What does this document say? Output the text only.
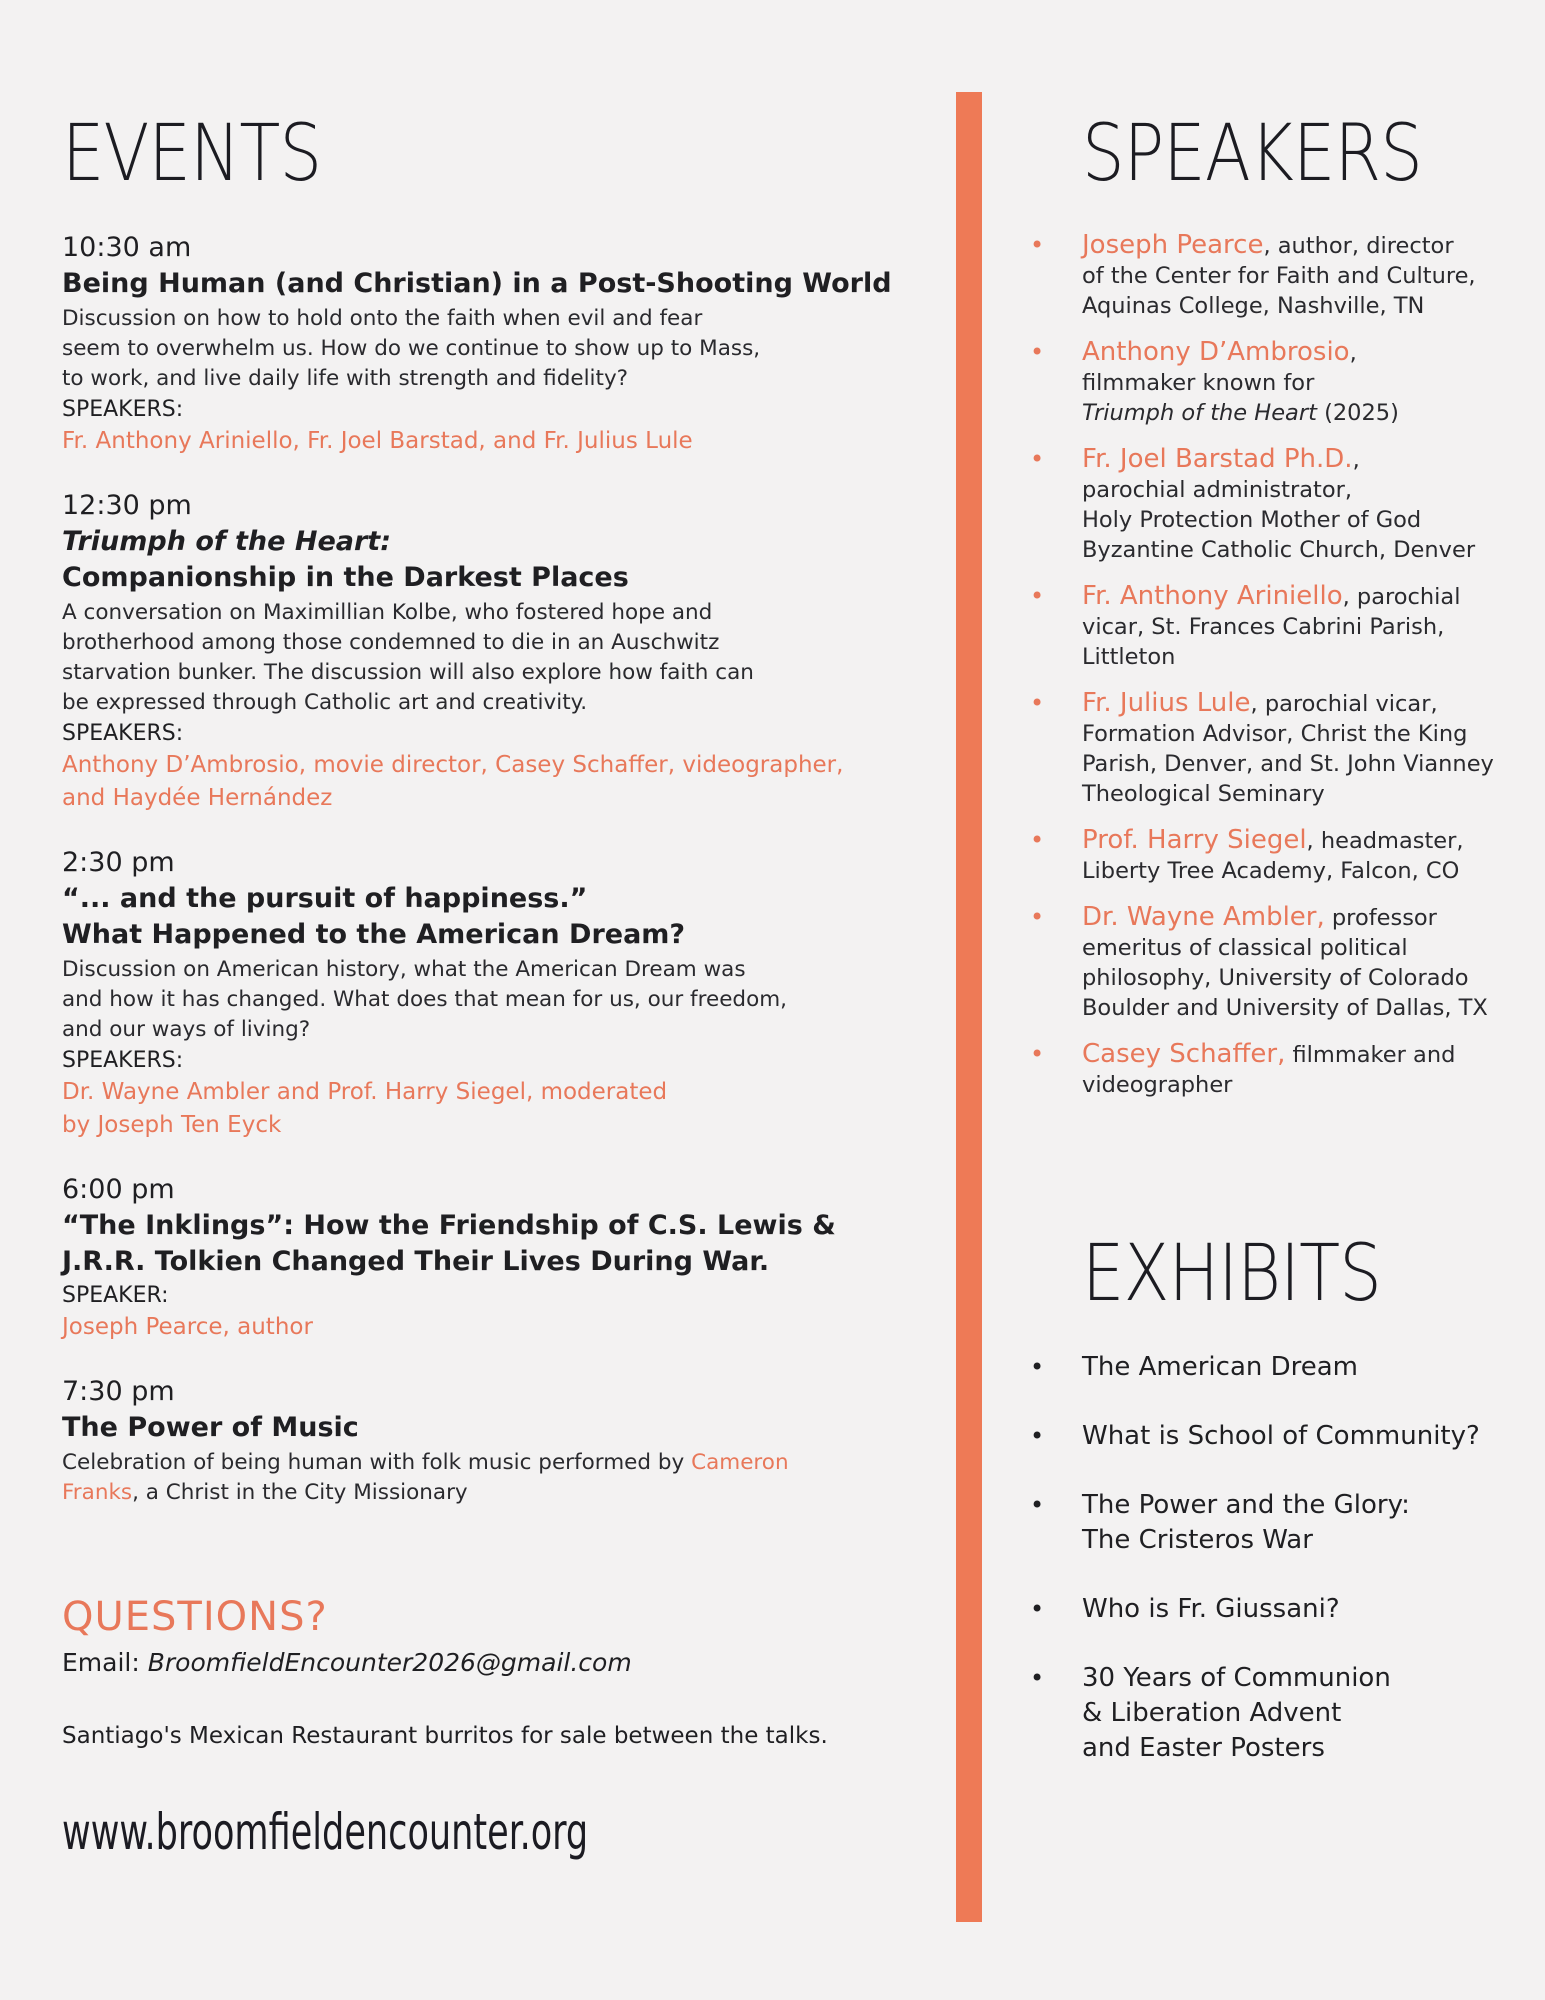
EVENTS
10:30 am
Being Human (and Christian) in a Post-Shooting World
Discussion on how to hold onto the faith when evil and fear
seem to overwhelm us. How do we continue to show up to Mass,
to work, and live daily life with strength and fidelity?
SPEAKERS:
Fr. Anthony Ariniello, Fr. Joel Barstad, and Fr. Julius Lule
12:30 pm
Triumph of the Heart:
Companionship in the Darkest Places
A conversation on Maximillian Kolbe, who fostered hope and
brotherhood among those condemned to die in an Auschwitz
starvation bunker. The discussion will also explore how faith can
be expressed through Catholic art and creativity.
SPEAKERS:
Anthony D’Ambrosio, movie director, Casey Schaffer, videographer,
and Haydée Hernández
2:30 pm
“... and the pursuit of happiness.”
What Happened to the American Dream?
Discussion on American history, what the American Dream was
and how it has changed. What does that mean for us, our freedom,
and our ways of living?
SPEAKERS:
Dr. Wayne Ambler and Prof. Harry Siegel, moderated
by Joseph Ten Eyck
6:00 pm
“The Inklings”: How the Friendship of C.S. Lewis &
J.R.R. Tolkien Changed Their Lives During War.
SPEAKER:
Joseph Pearce, author
7:30 pm
The Power of Music
Celebration of being human with folk music performed by Cameron
Franks, a Christ in the City Missionary
QUESTIONS?
Email: BroomfieldEncounter2026@gmail.com
Santiago's Mexican Restaurant burritos for sale between the talks.
www.broomfieldencounter.org
SPEAKERS
• Joseph Pearce, author, director
of the Center for Faith and Culture,
Aquinas College, Nashville, TN
• Anthony D’Ambrosio,
filmmaker known for
Triumph of the Heart (2025)
• Fr. Joel Barstad Ph.D.,
parochial administrator,
Holy Protection Mother of God
Byzantine Catholic Church, Denver
• Fr. Anthony Ariniello, parochial
vicar, St. Frances Cabrini Parish,
Littleton
• Fr. Julius Lule, parochial vicar,
Formation Advisor, Christ the King
Parish, Denver, and St. John Vianney
Theological Seminary
• Prof. Harry Siegel, headmaster,
Liberty Tree Academy, Falcon, CO
• Dr. Wayne Ambler, professor
emeritus of classical political
philosophy, University of Colorado
Boulder and University of Dallas, TX
• Casey Schaffer, filmmaker and
videographer
EXHIBITS
• The American Dream
• What is School of Community?
• The Power and the Glory:
The Cristeros War
• Who is Fr. Giussani?
• 30 Years of Communion
& Liberation Advent
and Easter Posters
